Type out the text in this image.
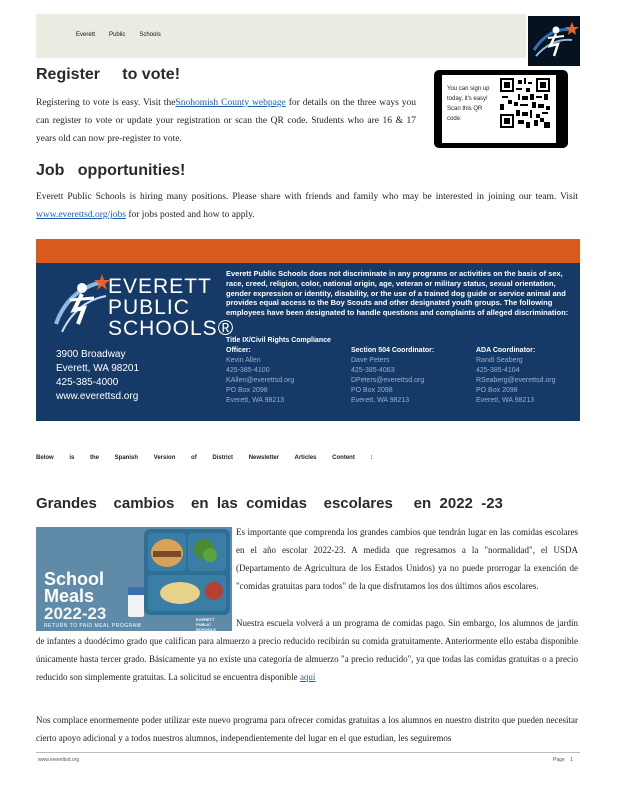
Everett Public Schools
Register     to vote!
Registering to vote is easy. Visit theSnohomish County webpage for details on the three ways you can register to vote or update your registration or scan the QR code. Students who are 16 & 17 years old can now pre-register to vote.
You can sign up today, it's easy! Scan this QR code:
Job   opportunities!
Everett Public Schools is hiring many positions. Please share with friends and family who may be interested in joining our team. Visit www.everettsd.org/jobs for jobs posted and how to apply.
EVERETT
PUBLIC
SCHOOLS®
3900 Broadway
Everett, WA 98201
425-385-4000
www.everettsd.org
Everett Public Schools does not discriminate in any programs or activities on the basis of sex, race, creed, religion, color, national origin, age, veteran or military status, sexual orientation, gender expression or identity, disability, or the use of a trained dog guide or service animal and provides equal access to the Boy Scouts and other designated youth groups. The following employees have been designated to handle questions and complaints of alleged discrimination:
Title IX/Civil Rights Compliance Officer:
Kevin Allen
425-385-4100
KAllen@everettsd.org
PO Box 2098
Everett, WA 98213
Section 504 Coordinator:
Dave Peters
425-385-4063
DPeters@everettsd.org
PO Box 2098
Everett, WA 98213
ADA Coordinator:
Randi Seaberg
425-385-4104
RSeaberg@everettsd.org
PO Box 2098
Everett, WA 98213
Below is the Spanish Version of District Newsletter Articles Content :
Grandes    cambios    en  las  comidas    escolares     en  2022  -23
School
Meals
2022-23
RETURN TO PAID MEAL PROGRAM
EVERETT PUBLIC SCHOOLS
Es importante que comprenda los grandes cambios que tendrán lugar en las comidas escolares en el año escolar 2022-23. A medida que regresamos a la "normalidad", el USDA (Departamento de Agricultura de los Estados Unidos) ya no puede prorrogar la exención de "comidas gratuitas para todos" de la que disfrutamos los dos últimos años escolares.
Nuestra escuela volverá a un programa de comidas pago. Sin embargo, los alumnos de jardín de infantes a duodécimo grado que califican para almuerzo a precio reducido recibirán su comida gratuitamente. Anteriormente ello estaba disponible únicamente hasta tercer grado. Básicamente ya no existe una categoría de almuerzo "a precio reducido", ya que todas las comidas gratuitas o a precio reducido son simplemente gratuitas. La solicitud se encuentra disponible aquí
Nos complace enormemente poder utilizar este nuevo programa para ofrecer comidas gratuitas a los alumnos en nuestro distrito que pueden necesitar cierto apoyo adicional y a todos nuestros alumnos, independientemente del lugar en el que estudian, les seguiremos
www.everettsd.org	Page 1
